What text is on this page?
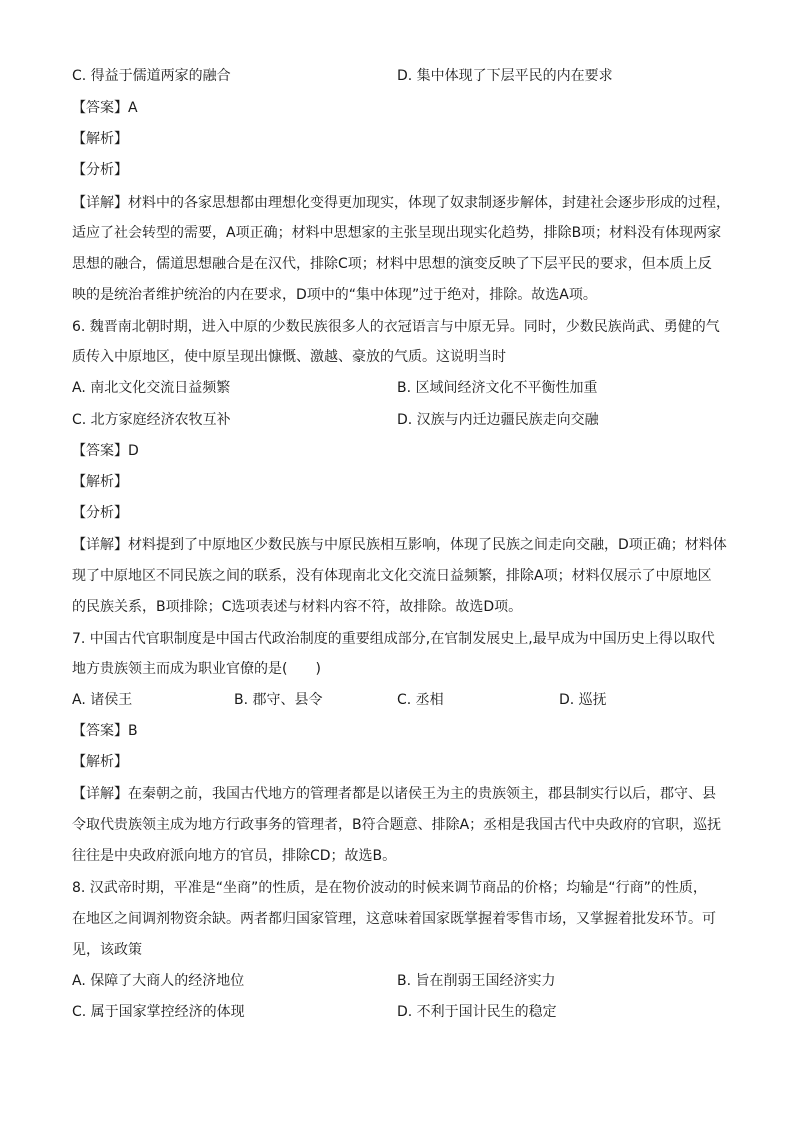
C. 得益于儒道两家的融合	D. 集中体现了下层平民的内在要求
【答案】A
【解析】
【分析】
【详解】材料中的各家思想都由理想化变得更加现实，体现了奴隶制逐步解体，封建社会逐步形成的过程，
适应了社会转型的需要，A项正确；材料中思想家的主张呈现出现实化趋势，排除B项；材料没有体现两家
思想的融合，儒道思想融合是在汉代，排除C项；材料中思想的演变反映了下层平民的要求，但本质上反
映的是统治者维护统治的内在要求，D项中的“集中体现”过于绝对，排除。故选A项。
6. 魏晋南北朝时期，进入中原的少数民族很多人的衣冠语言与中原无异。同时，少数民族尚武、勇健的气
质传入中原地区，使中原呈现出慷慨、激越、豪放的气质。这说明当时
A. 南北文化交流日益频繁	B. 区域间经济文化不平衡性加重
C. 北方家庭经济农牧互补	D. 汉族与内迁边疆民族走向交融
【答案】D
【解析】
【分析】
【详解】材料提到了中原地区少数民族与中原民族相互影响，体现了民族之间走向交融，D项正确；材料体
现了中原地区不同民族之间的联系，没有体现南北文化交流日益频繁，排除A项；材料仅展示了中原地区
的民族关系，B项排除；C选项表述与材料内容不符，故排除。故选D项。
7. 中国古代官职制度是中国古代政治制度的重要组成部分,在官制发展史上,最早成为中国历史上得以取代
地方贵族领主而成为职业官僚的是(　　)
A. 诸侯王	B. 郡守、县令	C. 丞相	D. 巡抚
【答案】B
【解析】
【详解】在秦朝之前，我国古代地方的管理者都是以诸侯王为主的贵族领主，郡县制实行以后，郡守、县
令取代贵族领主成为地方行政事务的管理者，B符合题意、排除A；丞相是我国古代中央政府的官职，巡抚
往往是中央政府派向地方的官员，排除CD；故选B。
8. 汉武帝时期，平准是“坐商”的性质，是在物价波动的时候来调节商品的价格；均输是“行商”的性质，
在地区之间调剂物资余缺。两者都归国家管理，这意味着国家既掌握着零售市场，又掌握着批发环节。可
见，该政策
A. 保障了大商人的经济地位	B. 旨在削弱王国经济实力
C. 属于国家掌控经济的体现	D. 不利于国计民生的稳定
